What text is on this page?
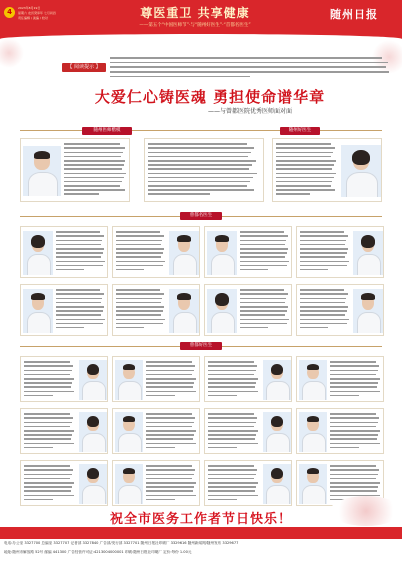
4	2023年8月19日
星期六 农历癸卯年 七月初四
责任编辑 / 美编 / 校对	尊医重卫 共享健康
——第五个“中国医师节”·与“随州好医生”·“首都名医生”
随州日报
【 阅读提示 】
大爱仁心铸医魂 勇担使命谱华章
——与曾都医院优秀医师面对面
随州医师楷模	随州好医生
曾都名医生
曾都好医生
祝全市医务工作者节日快乐！
电话:办公室 3327700 总编室 3327707 记者部 3327840 广告部/发行部 3327701 随州日报社印刷厂 3329616 随州新闻网/随州发布 3329677
地址:随州市解放路 52号 邮编 441300 广告经营许可证:4213004000001 印刷:随州日报社印刷厂 定价:每份 1.00元
